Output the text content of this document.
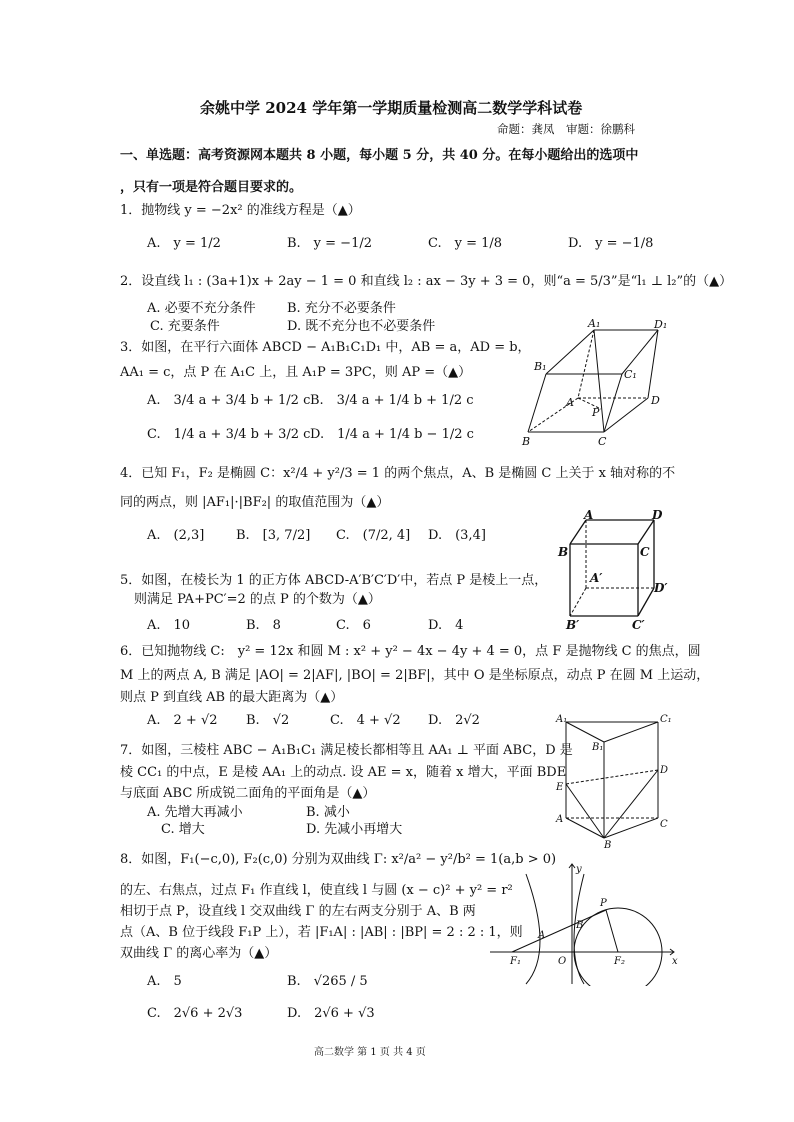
余姚中学 2024 学年第一学期质量检测高二数学学科试卷
命题：龚凤　审题：徐鹏科
一、单选题：高考资源网本题共 8 小题，每小题 5 分，共 40 分。在每小题给出的选项中
，只有一项是符合题目要求的。
1．抛物线 y = −2x² 的准线方程是（▲）
A.　y = 1/2	B.　y = −1/2	C.　y = 1/8	D.　y = −1/8
2．设直线 l₁ : (3a+1)x + 2ay − 1 = 0 和直线 l₂ : ax − 3y + 3 = 0，则“a = 5/3”是“l₁ ⊥ l₂”的（▲）
A. 必要不充分条件 B. 充分不必要条件
C. 充要条件	D. 既不充分也不必要条件
3．如图，在平行六面体 ABCD − A₁B₁C₁D₁ 中，AB = a，AD = b，
AA₁ = c，点 P 在 A₁C 上，且 A₁P = 3PC，则 AP =（▲）
A.　3/4 a + 3/4 b + 1/2 c B.　3/4 a + 1/4 b + 1/2 c
C.　1/4 a + 3/4 b + 3/2 c D.　1/4 a + 1/4 b − 1/2 c
A₁	D₁
B₁
C₁
A
P
D
B	C
4．已知 F₁，F₂ 是椭圆 C：x²/4 + y²/3 = 1 的两个焦点，A、B 是椭圆 C 上关于 x 轴对称的不
同的两点，则 |AF₁|·|BF₂| 的取值范围为（▲）
A.　(2,3] B.　[3, 7/2] C.　(7/2, 4] D.　(3,4]
A	D
B	C
A′
D′
B′	C′
5．如图，在棱长为 1 的正方体 ABCD-A′B′C′D′中，若点 P 是棱上一点，
则满足 PA+PC′=2 的点 P 的个数为（▲）
A.　10	B.　8	C.　6	D.　4
6．已知抛物线 C:　y² = 12x 和圆 M : x² + y² − 4x − 4y + 4 = 0，点 F 是抛物线 C 的焦点，圆
M 上的两点 A, B 满足 |AO| = 2|AF|, |BO| = 2|BF|，其中 O 是坐标原点，动点 P 在圆 M 上运动，
则点 P 到直线 AB 的最大距离为（▲）
A.　2 + √2 B.　√2	C.　4 + √2 D.　2√2	A₁	C₁
B₁
D
E
A	C
B
7．如图，三棱柱 ABC − A₁B₁C₁ 满足棱长都相等且 AA₁ ⊥ 平面 ABC，D 是
棱 CC₁ 的中点，E 是棱 AA₁ 上的动点. 设 AE = x，随着 x 增大，平面 BDE
与底面 ABC 所成锐二面角的平面角是（▲）
A. 先增大再减小	B. 减小
C. 增大	D. 先减小再增大
8．如图，F₁(−c,0), F₂(c,0) 分别为双曲线 Γ: x²/a² − y²/b² = 1(a,b > 0)
的左、右焦点，过点 F₁ 作直线 l，使直线 l 与圆 (x − c)² + y² = r²
相切于点 P，设直线 l 交双曲线 Γ 的左右两支分别于 A、B 两
点（A、B 位于线段 F₁P 上），若 |F₁A| : |AB| : |BP| = 2 : 2 : 1，则
双曲线 Γ 的离心率为（▲）
A.　5	B.　√265 / 5
C.　2√6 + 2√3	D.　2√6 + √3
y
P
B
A
F₁	O	F₂	x
高二数学 第 1 页 共 4 页
